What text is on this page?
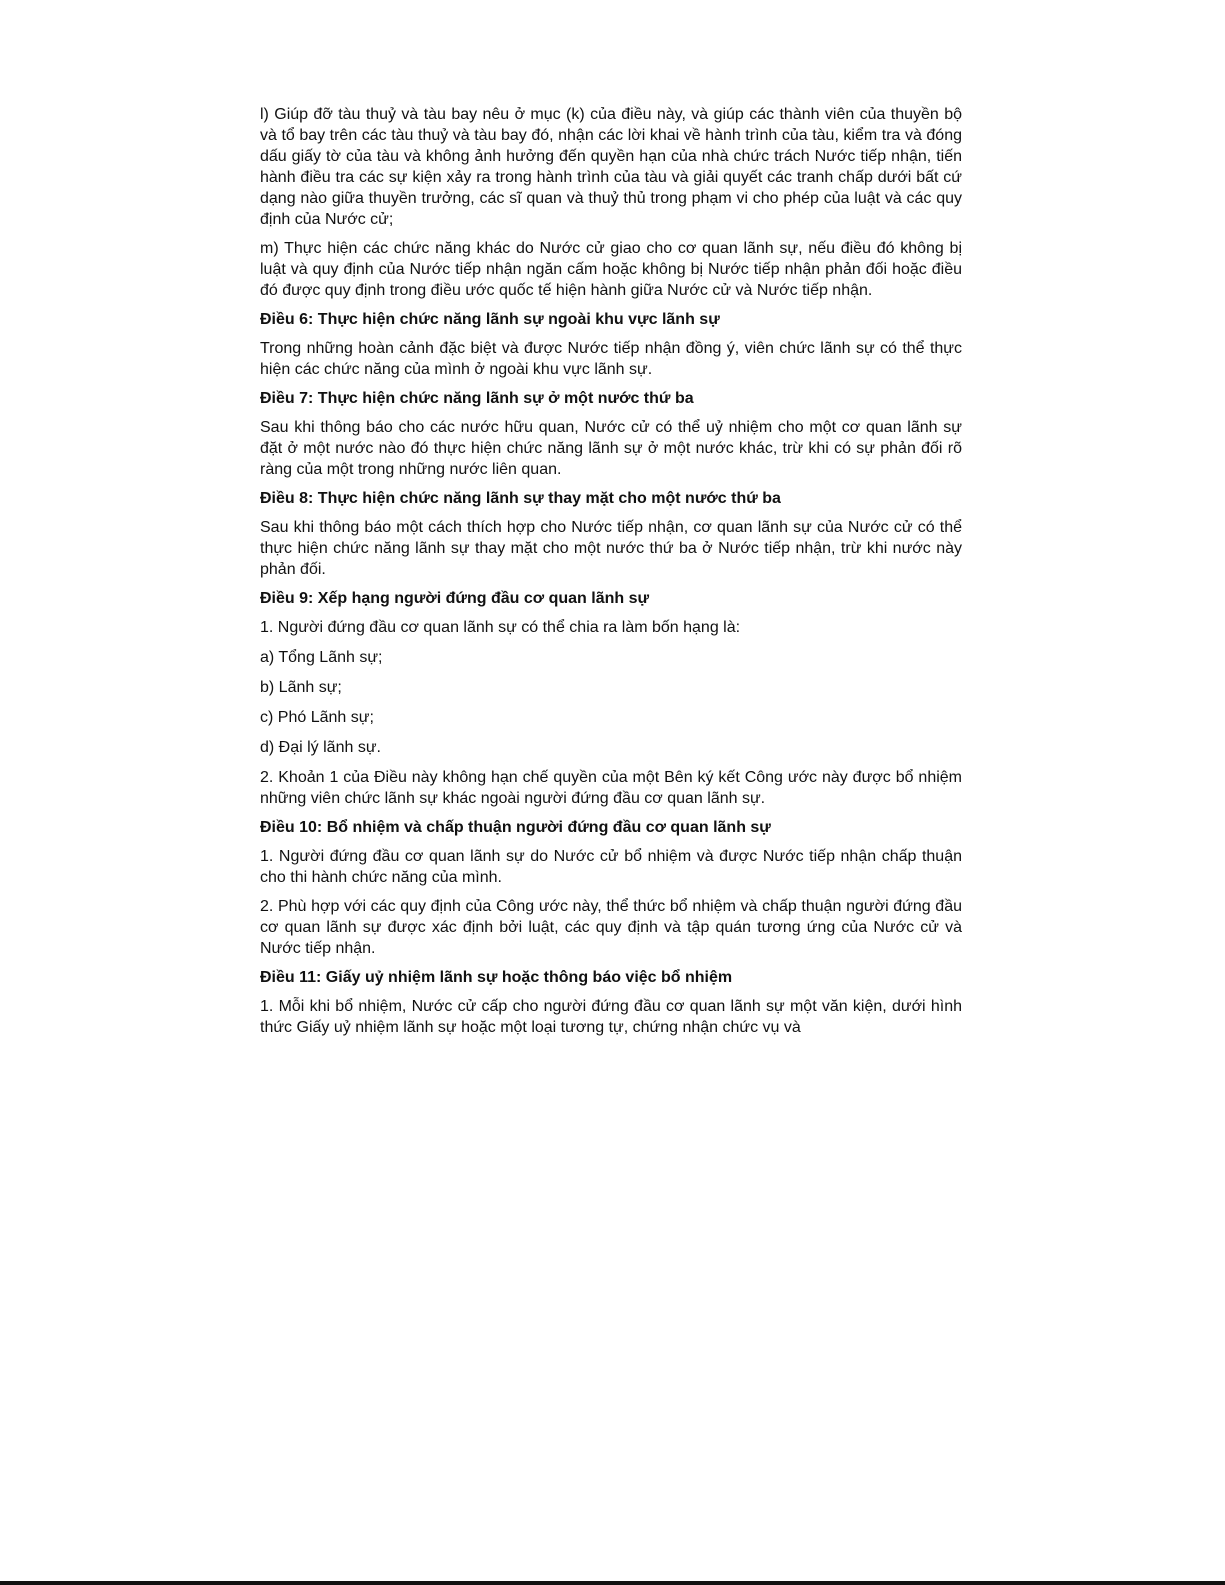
l) Giúp đỡ tàu thuỷ và tàu bay nêu ở mục (k) của điều này, và giúp các thành viên của thuyền bộ và tổ bay trên các tàu thuỷ và tàu bay đó, nhận các lời khai về hành trình của tàu, kiểm tra và đóng dấu giấy tờ của tàu và không ảnh hưởng đến quyền hạn của nhà chức trách Nước tiếp nhận, tiến hành điều tra các sự kiện xảy ra trong hành trình của tàu và giải quyết các tranh chấp dưới bất cứ dạng nào giữa thuyền trưởng, các sĩ quan và thuỷ thủ trong phạm vi cho phép của luật và các quy định của Nước cử;

m) Thực hiện các chức năng khác do Nước cử giao cho cơ quan lãnh sự, nếu điều đó không bị luật và quy định của Nước tiếp nhận ngăn cấm hoặc không bị Nước tiếp nhận phản đối hoặc điều đó được quy định trong điều ước quốc tế hiện hành giữa Nước cử và Nước tiếp nhận.

Điều 6: Thực hiện chức năng lãnh sự ngoài khu vực lãnh sự

Trong những hoàn cảnh đặc biệt và được Nước tiếp nhận đồng ý, viên chức lãnh sự có thể thực hiện các chức năng của mình ở ngoài khu vực lãnh sự.

Điều 7: Thực hiện chức năng lãnh sự ở một nước thứ ba

Sau khi thông báo cho các nước hữu quan, Nước cử có thể uỷ nhiệm cho một cơ quan lãnh sự đặt ở một nước nào đó thực hiện chức năng lãnh sự ở một nước khác, trừ khi có sự phản đối rõ ràng của một trong những nước liên quan.

Điều 8: Thực hiện chức năng lãnh sự thay mặt cho một nước thứ ba

Sau khi thông báo một cách thích hợp cho Nước tiếp nhận, cơ quan lãnh sự của Nước cử có thể thực hiện chức năng lãnh sự thay mặt cho một nước thứ ba ở Nước tiếp nhận, trừ khi nước này phản đối.

Điều 9: Xếp hạng người đứng đầu cơ quan lãnh sự

1. Người đứng đầu cơ quan lãnh sự có thể chia ra làm bốn hạng là:

a) Tổng Lãnh sự;

b) Lãnh sự;

c) Phó Lãnh sự;

d) Đại lý lãnh sự.

2. Khoản 1 của Điều này không hạn chế quyền của một Bên ký kết Công ước này được bổ nhiệm những viên chức lãnh sự khác ngoài người đứng đầu cơ quan lãnh sự.

Điều 10: Bổ nhiệm và chấp thuận người đứng đầu cơ quan lãnh sự

1. Người đứng đầu cơ quan lãnh sự do Nước cử bổ nhiệm và được Nước tiếp nhận chấp thuận cho thi hành chức năng của mình.

2. Phù hợp với các quy định của Công ước này, thể thức bổ nhiệm và chấp thuận người đứng đầu cơ quan lãnh sự được xác định bởi luật, các quy định và tập quán tương ứng của Nước cử và Nước tiếp nhận.

Điều 11: Giấy uỷ nhiệm lãnh sự hoặc thông báo việc bổ nhiệm

1. Mỗi khi bổ nhiệm, Nước cử cấp cho người đứng đầu cơ quan lãnh sự một văn kiện, dưới hình thức Giấy uỷ nhiệm lãnh sự hoặc một loại tương tự, chứng nhận chức vụ và
